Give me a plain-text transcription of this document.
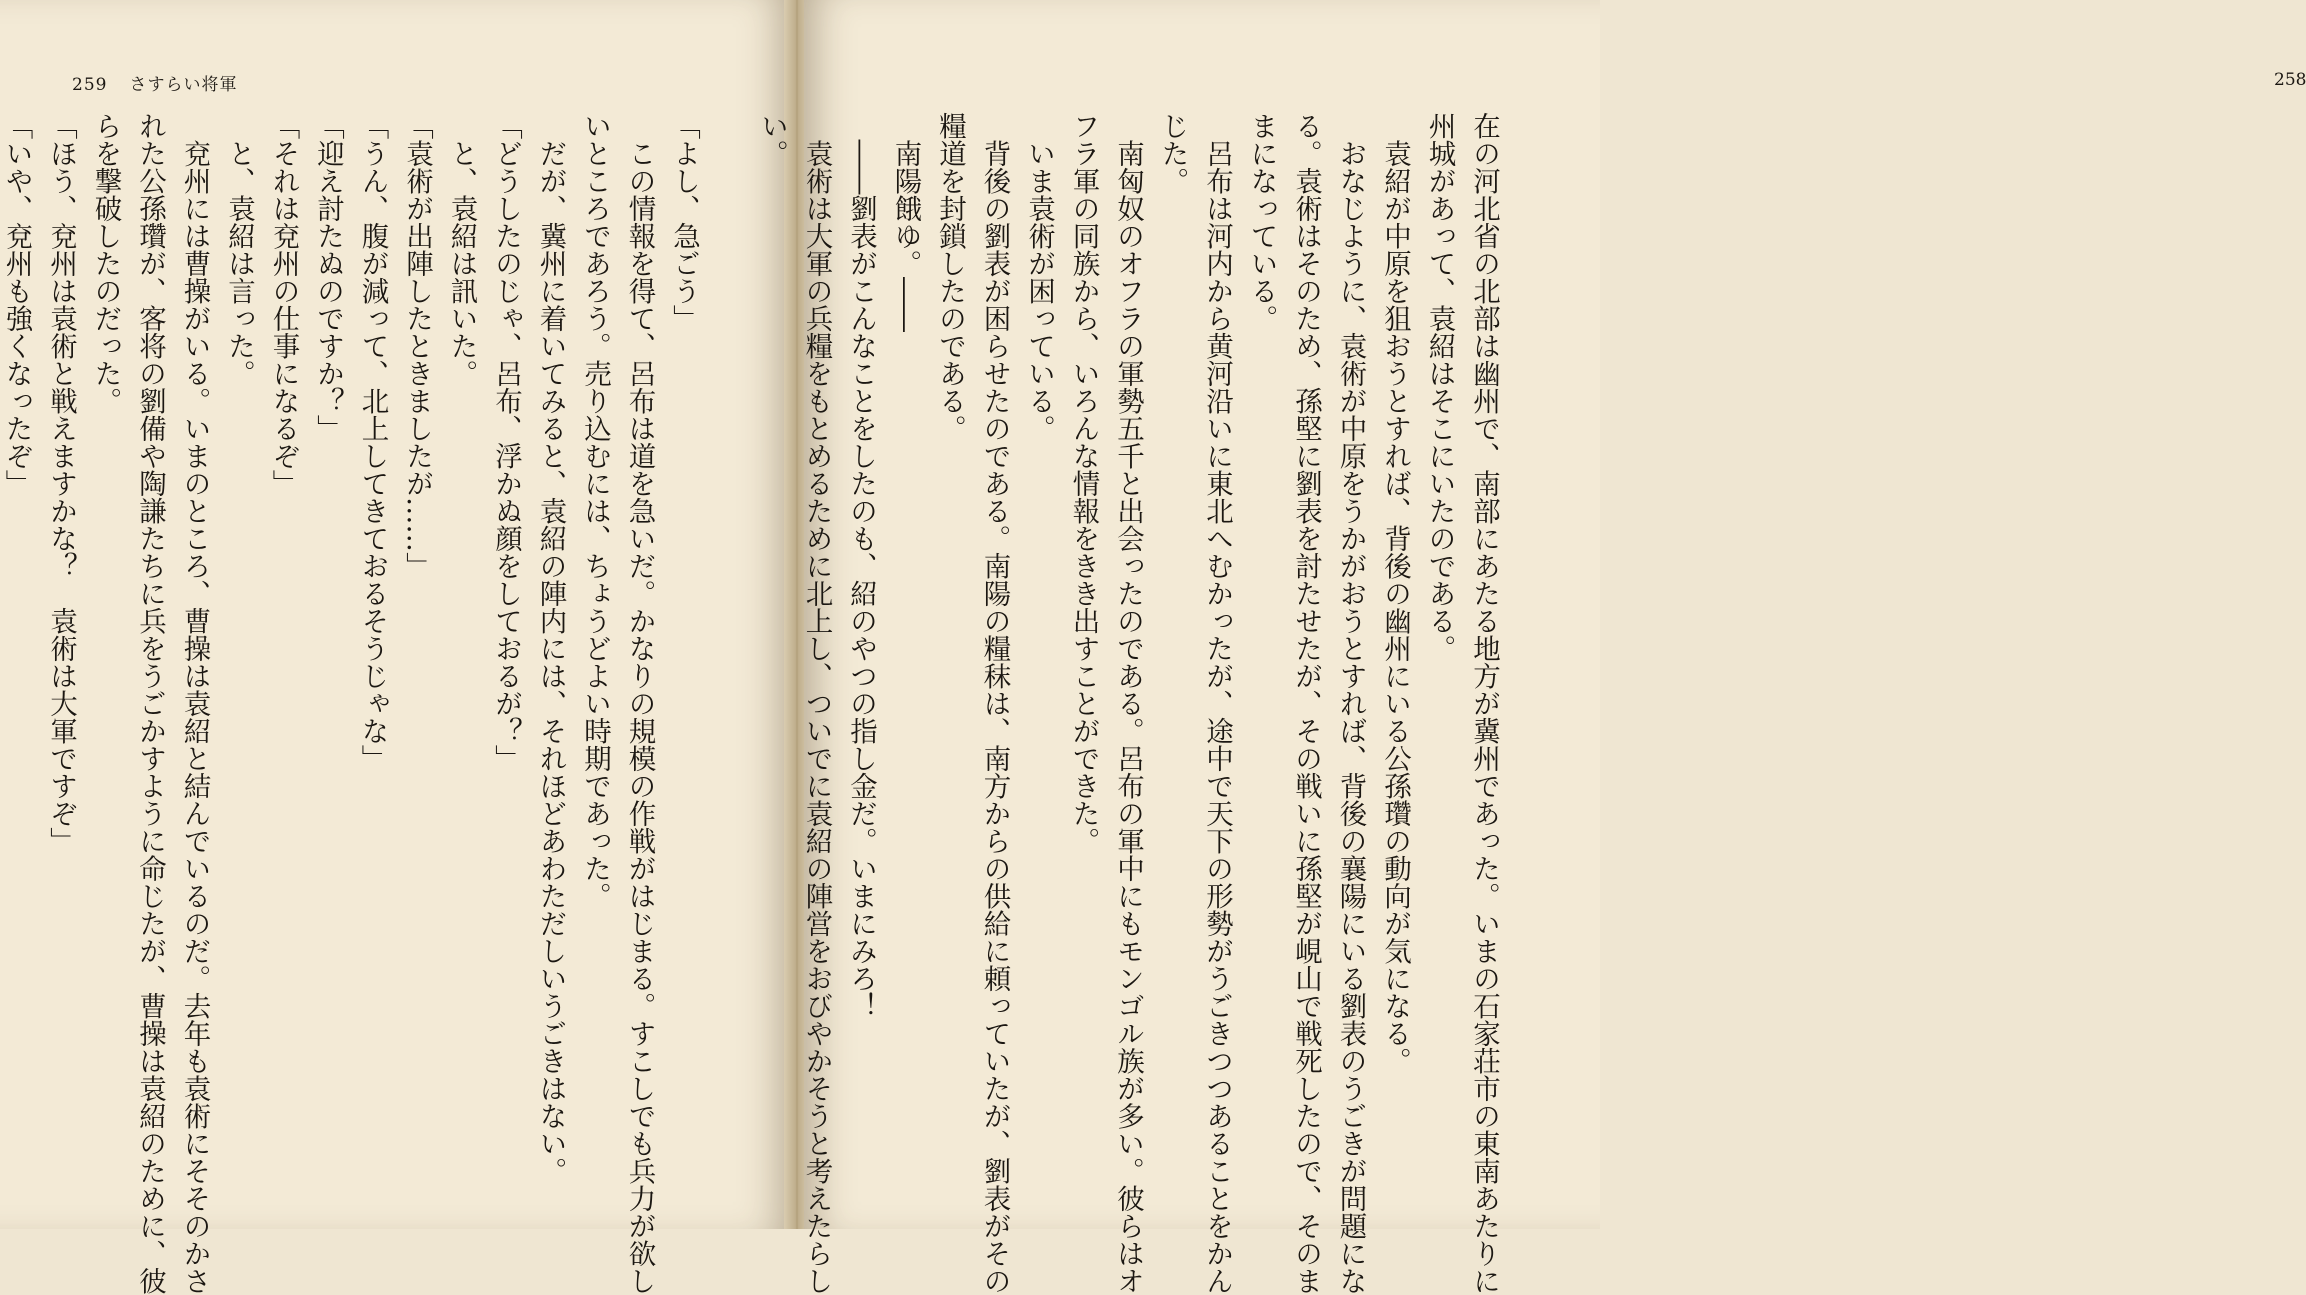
259 さすらい将軍
「よし、急ごう」
　この情報を得て、呂布は道を急いだ。かなりの規模の作戦がはじまる。すこしでも兵力が欲し
いところであろう。売り込むには、ちょうどよい時期であった。
　だが、冀州に着いてみると、袁紹の陣内には、それほどあわただしいうごきはない。
「どうしたのじゃ、呂布、浮かぬ顔をしておるが？」
　と、袁紹は訊いた。
「袁術が出陣したときましたが……」
「うん、腹が減って、北上してきておるそうじゃな」
「迎え討たぬのですか？」
「それは兗州の仕事になるぞ」
　と、袁紹は言った。
　兗州には曹操がいる。いまのところ、曹操は袁紹と結んでいるのだ。去年も袁術にそそのかさ
れた公孫瓚が、客将の劉備や陶謙たちに兵をうごかすように命じたが、曹操は袁紹のために、彼
らを撃破したのだった。
「ほう、兗州は袁術と戦えますかな？　袁術は大軍ですぞ」
「いや、兗州も強くなったぞ」
258
在の河北省の北部は幽州で、南部にあたる地方が冀州であった。いまの石家荘市の東南あたりに
州城があって、袁紹はそこにいたのである。
　袁紹が中原を狙おうとすれば、背後の幽州にいる公孫瓚の動向が気になる。
　おなじように、袁術が中原をうかがおうとすれば、背後の襄陽にいる劉表のうごきが問題にな
る。袁術はそのため、孫堅に劉表を討たせたが、その戦いに孫堅が峴山で戦死したので、そのま
まになっている。
　呂布は河内から黄河沿いに東北へむかったが、途中で天下の形勢がうごきつつあることをかん
じた。
　南匈奴のオフラの軍勢五千と出会ったのである。呂布の軍中にもモンゴル族が多い。彼らはオ
フラ軍の同族から、いろんな情報をきき出すことができた。
　いま袁術が困っている。
　背後の劉表が困らせたのである。南陽の糧秣は、南方からの供給に頼っていたが、劉表がその
糧道を封鎖したのである。
　南陽餓ゆ。――
　――劉表がこんなことをしたのも、紹のやつの指し金だ。いまにみろ！
　袁術は大軍の兵糧をもとめるために北上し、ついでに袁紹の陣営をおびやかそうと考えたらし
い。
